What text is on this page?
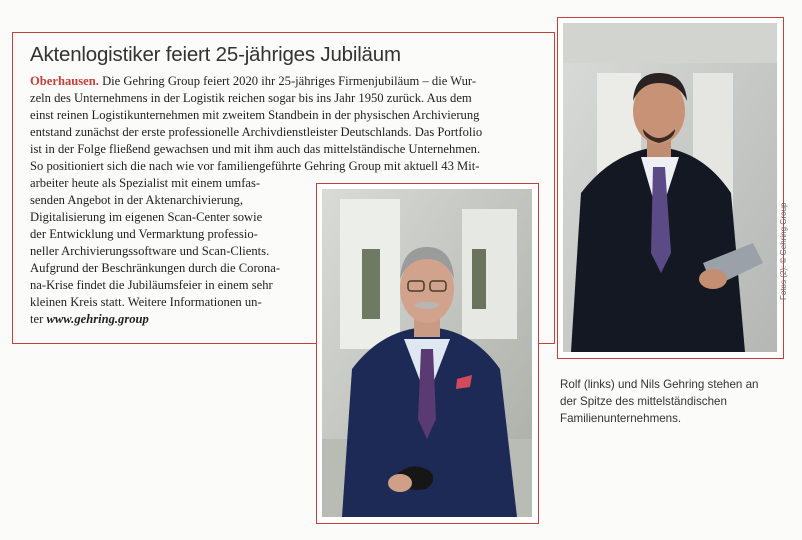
Aktenlogistiker feiert 25-jähriges Jubiläum
Oberhausen. Die Gehring Group feiert 2020 ihr 25-jähriges Firmenjubiläum – die Wur-
zeln des Unternehmens in der Logistik reichen sogar bis ins Jahr 1950 zurück. Aus dem
einst reinen Logistikunternehmen mit zweitem Standbein in der physischen Archivierung
entstand zunächst der erste professionelle Archivdienstleister Deutschlands. Das Portfolio
ist in der Folge fließend gewachsen und mit ihm auch das mittelständische Unternehmen.
So positioniert sich die nach wie vor familiengeführte Gehring Group mit aktuell 43 Mit-
arbeiter heute als Spezialist mit einem umfas-
senden Angebot in der Aktenarchivierung,
Digitalisierung im eigenen Scan-Center sowie
der Entwicklung und Vermarktung professio-
neller Archivierungssoftware und Scan-Clients.
Aufgrund der Beschränkungen durch die Corona-
na-Krise findet die Jubiläumsfeier in einem sehr
kleinen Kreis statt. Weitere Informationen un-
ter www.gehring.group
Rolf (links) und Nils Gehring stehen an
der Spitze des mittelständischen
Familienunternehmens.
Fotos (2): © Gehring Group
